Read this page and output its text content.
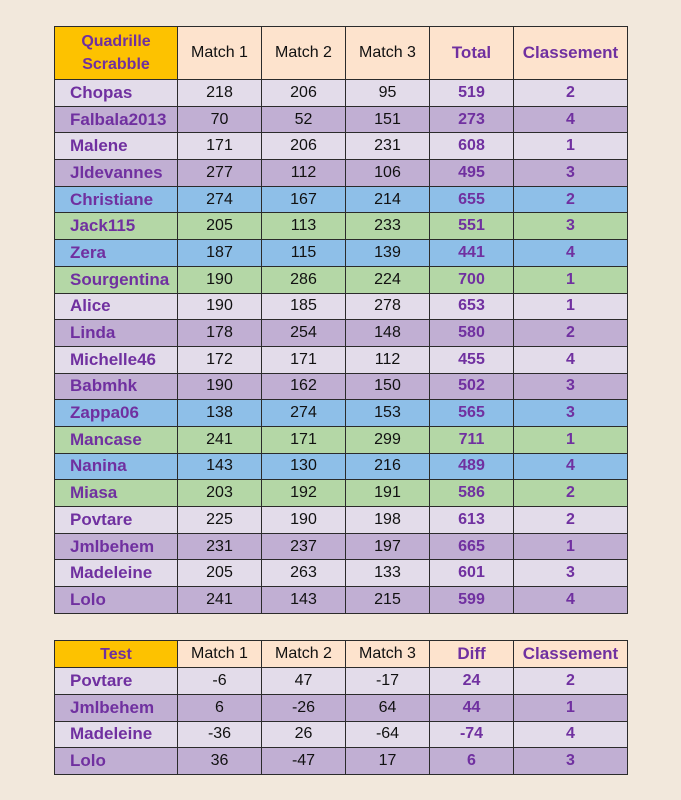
Quadrille Scrabble	Match 1	Match 2	Match 3	Total	Classement
Chopas	218	206	95	519	2
Falbala2013	70	52	151	273	4
Malene	171	206	231	608	1
Jldevannes	277	112	106	495	3
Christiane	274	167	214	655	2
Jack115	205	113	233	551	3
Zera	187	115	139	441	4
Sourgentina	190	286	224	700	1
Alice	190	185	278	653	1
Linda	178	254	148	580	2
Michelle46	172	171	112	455	4
Babmhk	190	162	150	502	3
Zappa06	138	274	153	565	3
Mancase	241	171	299	711	1
Nanina	143	130	216	489	4
Miasa	203	192	191	586	2
Povtare	225	190	198	613	2
Jmlbehem	231	237	197	665	1
Madeleine	205	263	133	601	3
Lolo	241	143	215	599	4
Test	Match 1	Match 2	Match 3	Diff	Classement
Povtare	-6	47	-17	24	2
Jmlbehem	6	-26	64	44	1
Madeleine	-36	26	-64	-74	4
Lolo	36	-47	17	6	3
